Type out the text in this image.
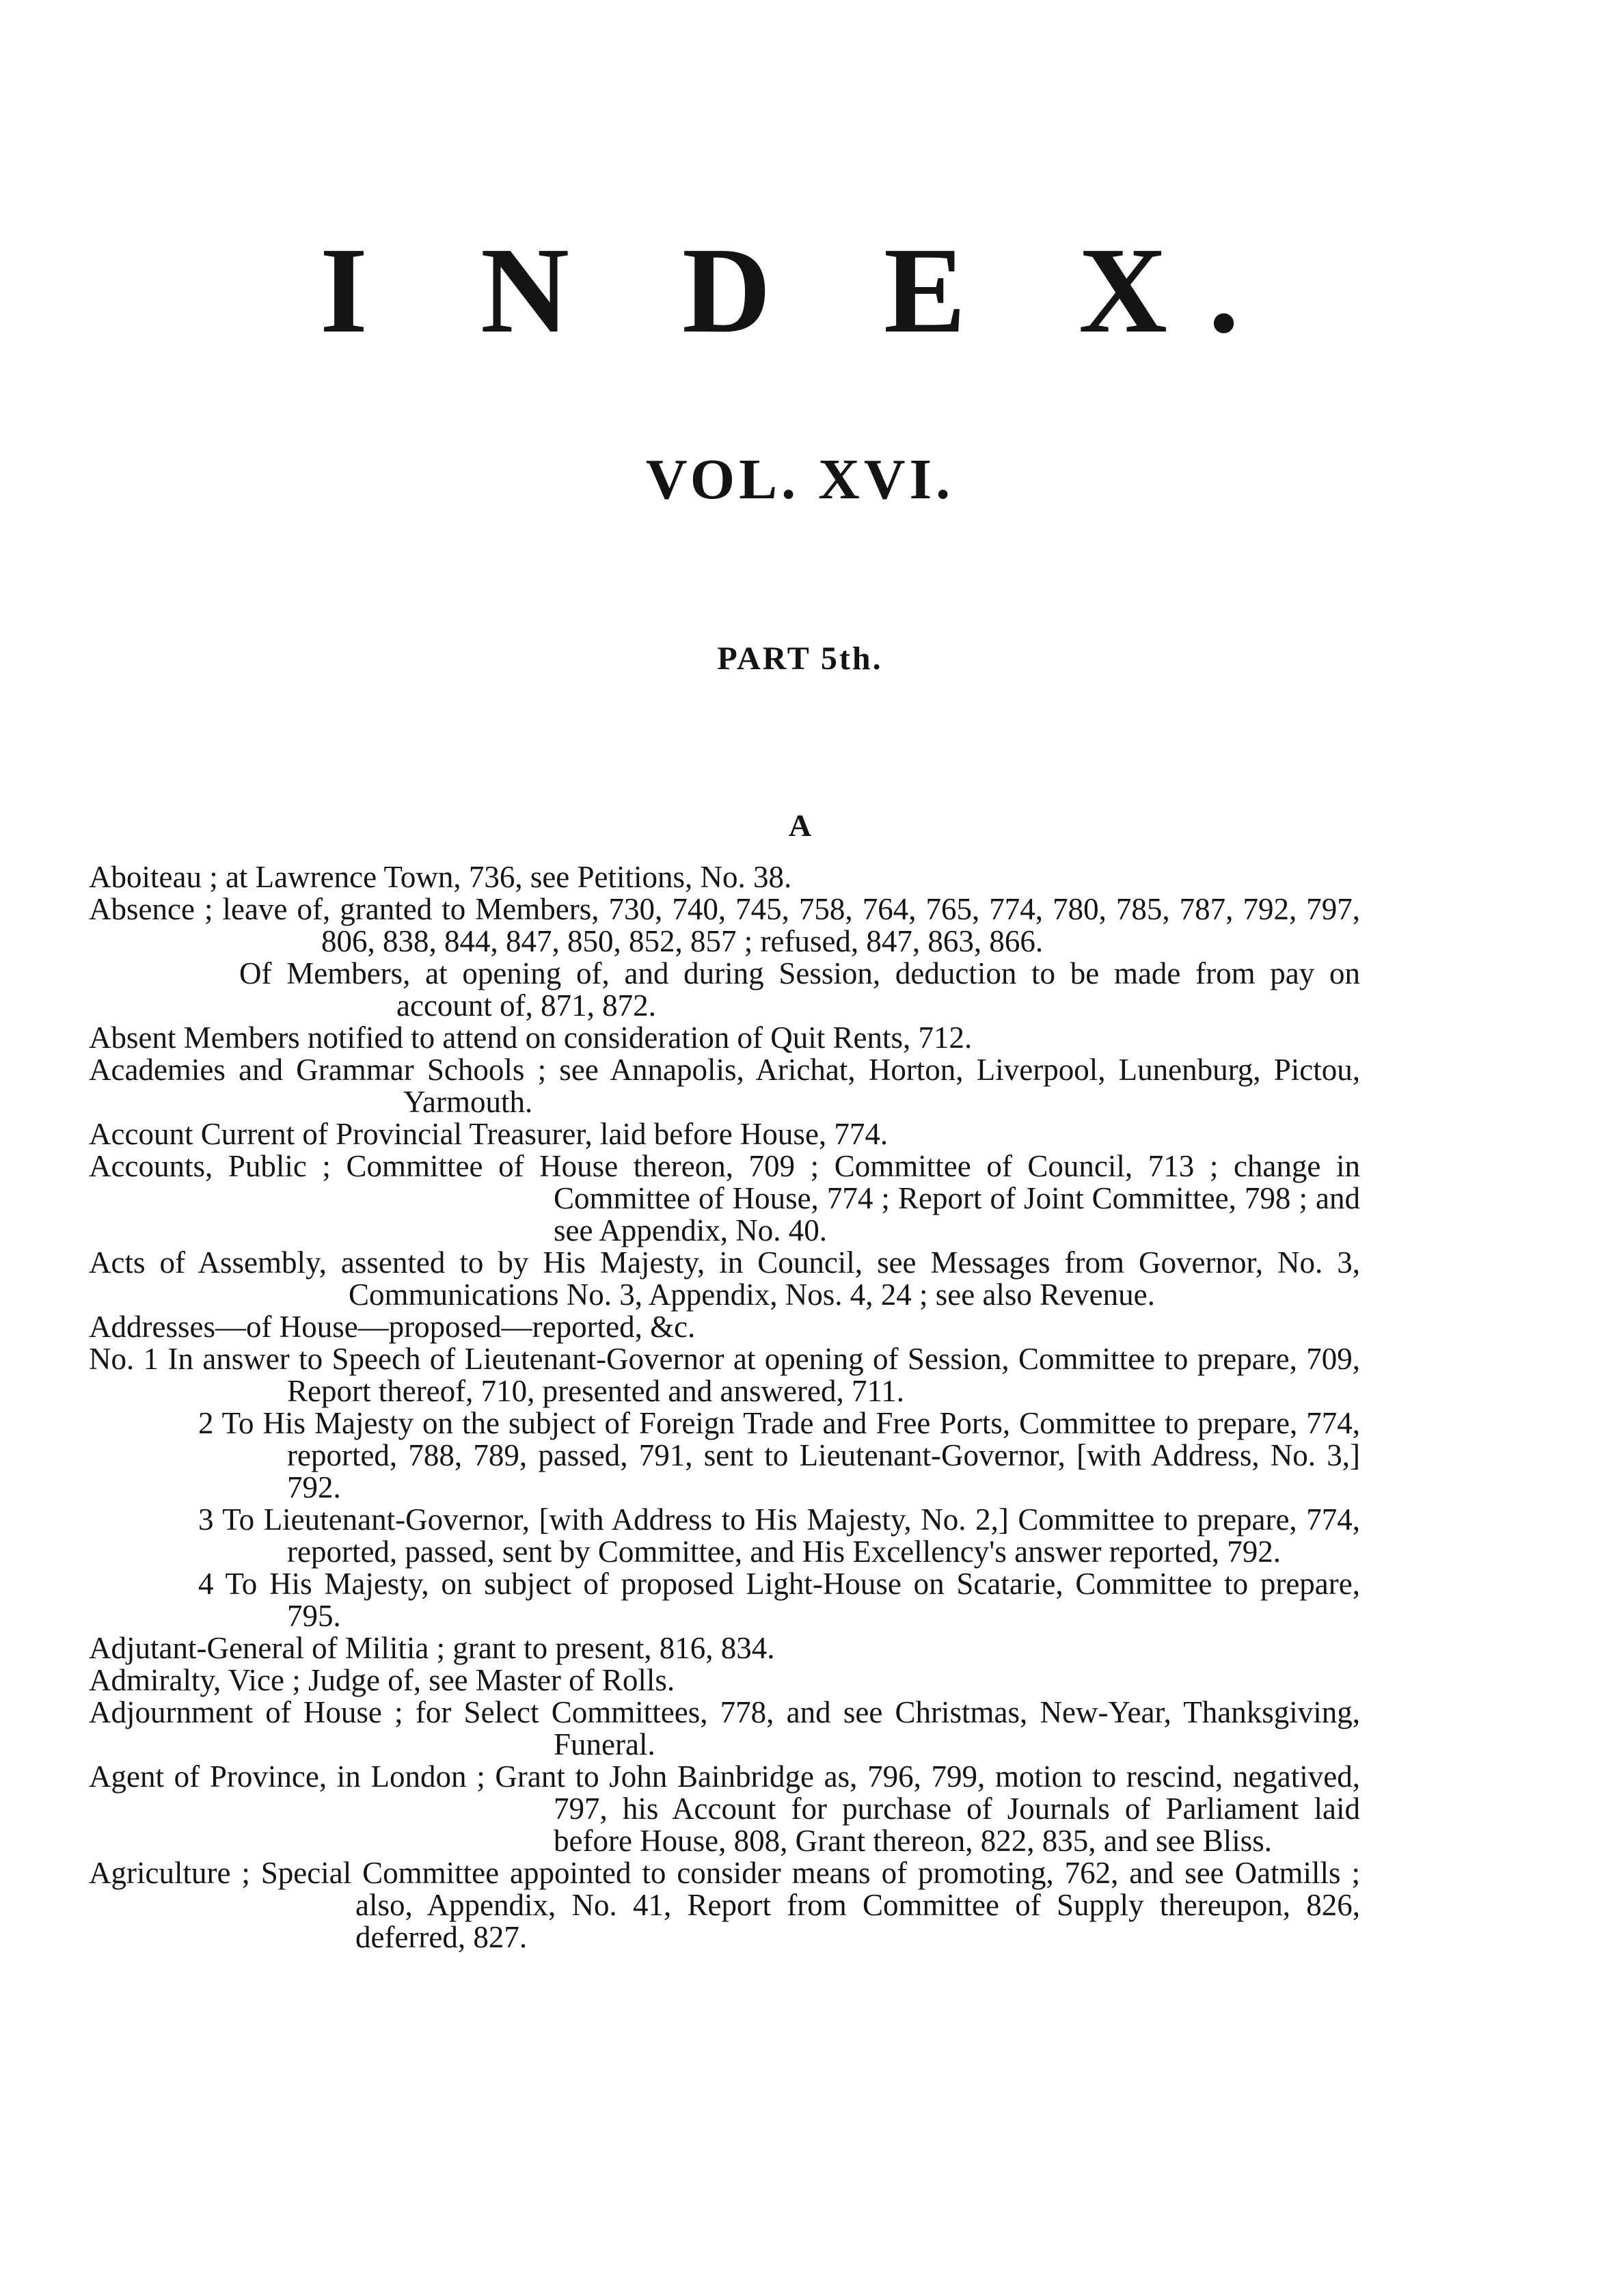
I N D E X.
VOL. XVI.
PART 5th.
A

Aboiteau ; at Lawrence Town, 736, see Petitions, No. 38.

Absence ; leave of, granted to Members, 730, 740, 745, 758, 764, 765, 774, 780, 785, 787, 792, 797, 806, 838, 844, 847, 850, 852, 857 ; refused, 847, 863, 866.

Of Members, at opening of, and during Session, deduction to be made from pay on account of, 871, 872.

Absent Members notified to attend on consideration of Quit Rents, 712.

Academies and Grammar Schools ; see Annapolis, Arichat, Horton, Liverpool, Lunenburg, Pictou, Yarmouth.

Account Current of Provincial Treasurer, laid before House, 774.

Accounts, Public ; Committee of House thereon, 709 ; Committee of Council, 713 ; change in Committee of House, 774 ; Report of Joint Committee, 798 ; and see Appendix, No. 40.

Acts of Assembly, assented to by His Majesty, in Council, see Messages from Governor, No. 3, Communications No. 3, Appendix, Nos. 4, 24 ; see also Revenue.

Addresses—of House—proposed—reported, &c.

No. 1 In answer to Speech of Lieutenant-Governor at opening of Session, Committee to prepare, 709, Report thereof, 710, presented and answered, 711.

2 To His Majesty on the subject of Foreign Trade and Free Ports, Committee to prepare, 774, reported, 788, 789, passed, 791, sent to Lieutenant-Governor, [with Address, No. 3,] 792.

3 To Lieutenant-Governor, [with Address to His Majesty, No. 2,] Committee to prepare, 774, reported, passed, sent by Committee, and His Excellency's answer reported, 792.

4 To His Majesty, on subject of proposed Light-House on Scatarie, Committee to prepare, 795.

Adjutant-General of Militia ; grant to present, 816, 834.

Admiralty, Vice ; Judge of, see Master of Rolls.

Adjournment of House ; for Select Committees, 778, and see Christmas, New-Year, Thanksgiving, Funeral.

Agent of Province, in London ; Grant to John Bainbridge as, 796, 799, motion to rescind, negatived, 797, his Account for purchase of Journals of Parliament laid before House, 808, Grant thereon, 822, 835, and see Bliss.

Agriculture ; Special Committee appointed to consider means of promoting, 762, and see Oatmills ; also, Appendix, No. 41, Report from Committee of Supply thereupon, 826, deferred, 827.
